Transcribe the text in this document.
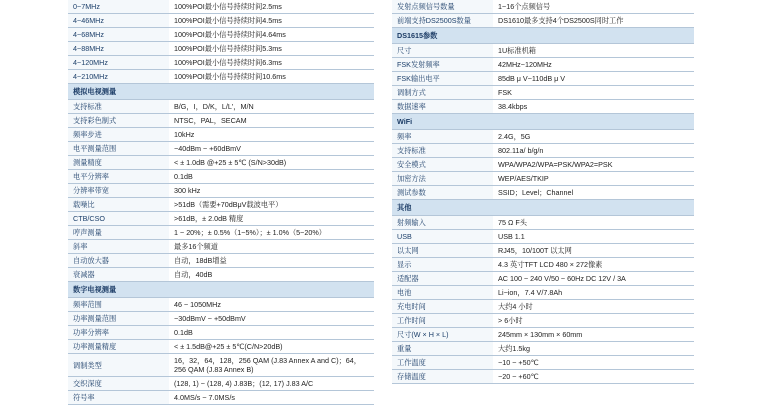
0~7MHz	100%POI最小信号持续时间2.5ms
4~46MHz	100%POI最小信号持续时间4.5ms
4~68MHz	100%POI最小信号持续时间4.64ms
4~88MHz	100%POI最小信号持续时间5.3ms
4~120MHz	100%POI最小信号持续时间6.3ms
4~210MHz	100%POI最小信号持续时间10.6ms
模拟电视测量	
支持标准	B/G，I，D/K，L/L'，M/N
支持彩色制式	NTSC，PAL，SECAM
频率步进	10kHz
电平测量范围	−40dBm ~ +60dBmV
测量精度	< ± 1.0dB @+25 ± 5℃ (S/N>30dB)
电平分辨率	0.1dB
分辨率带宽	300 kHz
载噪比	>51dB（需要+70dBμV载波电平）
CTB/CSO	>61dB，± 2.0dB 精度
哼声测量	1 ~ 20%；± 0.5%（1~5%）；± 1.0%（5~20%）
斜率	最多16个频道
自动放大器	自动，18dB增益
衰减器	自动，40dB
数字电视测量	
频率范围	46 ~ 1050MHz
功率测量范围	−30dBmV ~ +50dBmV
功率分辨率	0.1dB
功率测量精度	< ± 1.5dB@+25 ± 5℃(C/N>20dB)
调制类型	16，32，64，128，256 QAM (J.83 Annex A and C)；64，256 QAM (J.83 Annex B)
交织深度	(128, 1) ~ (128, 4) J.83B；(12, 17) J.83 A/C
符号率	4.0MS/s ~ 7.0MS/s
发射点频信号数量	1~16个点频信号
前端支持DS2500S数量	DS1610最多支持4个DS2500S同时工作
DS1615参数	
尺寸	1U标准机箱
FSK发射频率	42MHz~120MHz
FSK输出电平	85dB μ V~110dB μ V
调制方式	FSK
数据速率	38.4kbps
WiFi	
频率	2.4G，5G
支持标准	802.11a/ b/g/n
安全模式	WPA/WPA2/WPA=PSK/WPA2=PSK
加密方法	WEP/AES/TKIP
测试参数	SSID；Level；Channel
其他	
射频输入	75 Ω F头
USB	USB 1.1
以太网	RJ45，10/100T 以太网
显示	4.3 英寸TFT LCD 480 × 272像素
适配器	AC 100 ~ 240 V/50 ~ 60Hz DC 12V / 3A
电池	Li−ion，7.4 V/7.8Ah
充电时间	大约4 小时
工作时间	> 6小时
尺寸(W × H × L)	245mm × 130mm × 60mm
重量	大约1.5kg
工作温度	−10 ~ +50℃
存储温度	−20 ~ +60℃
